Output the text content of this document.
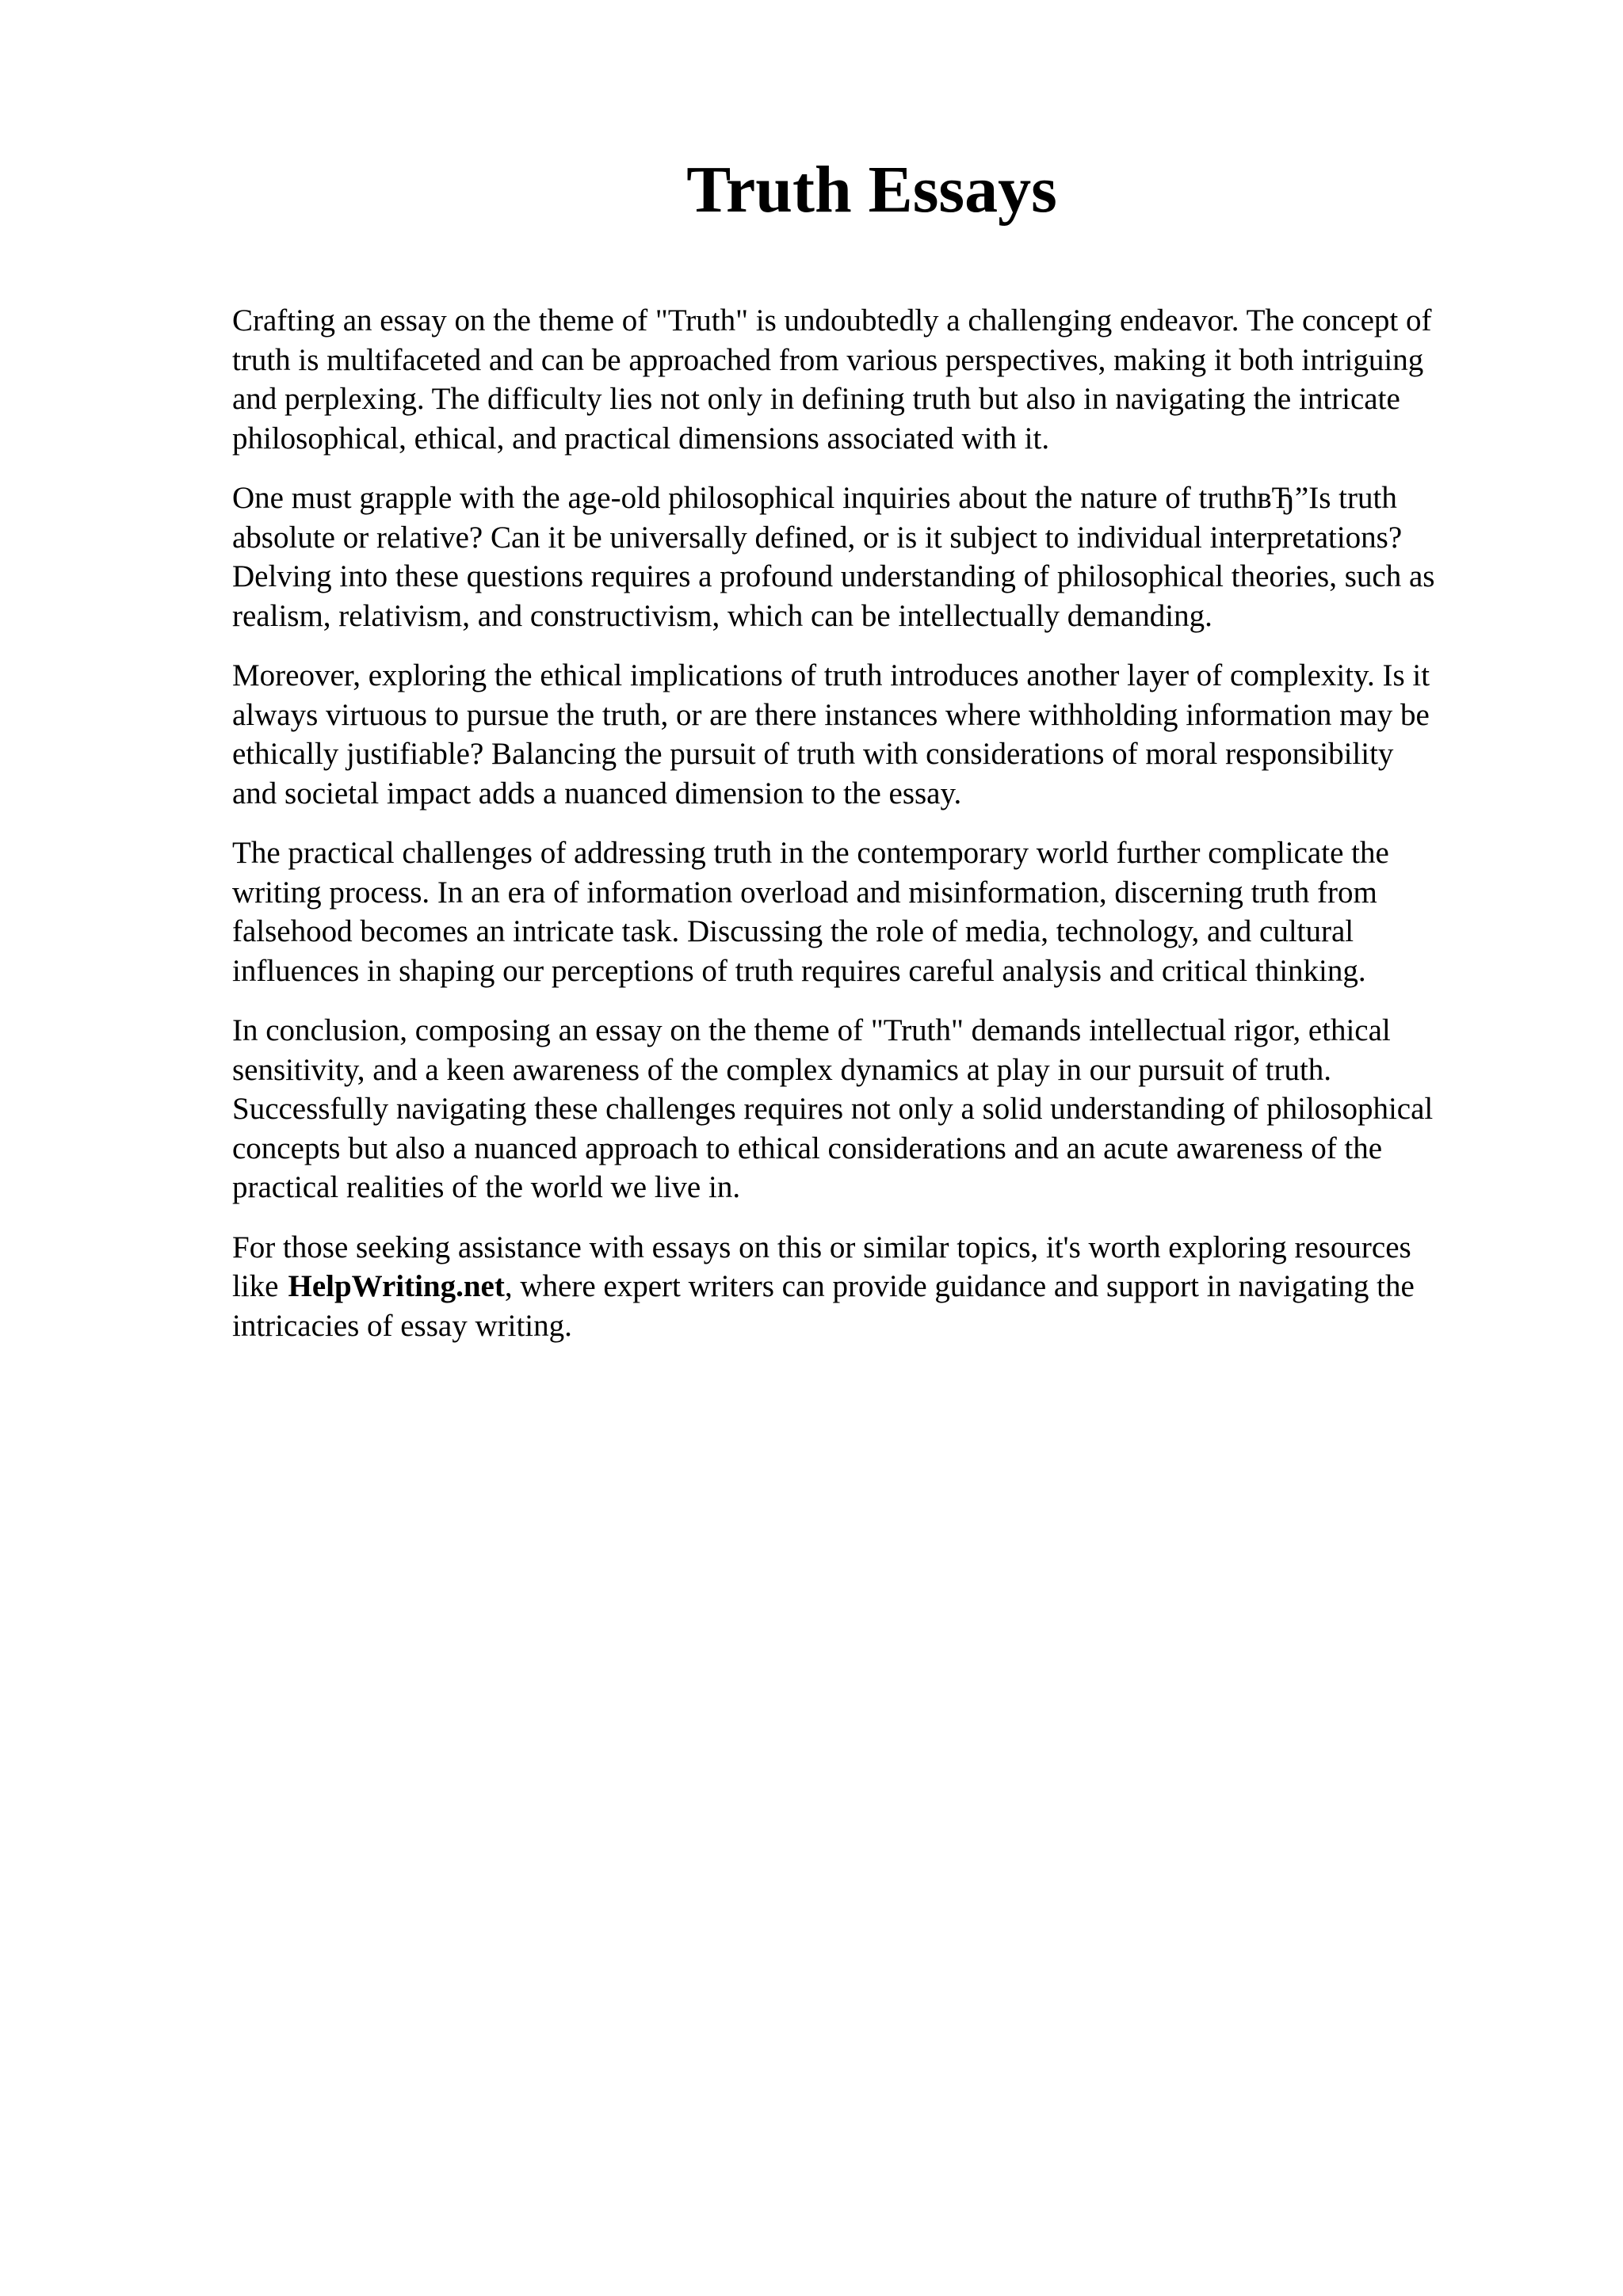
Truth Essays

Crafting an essay on the theme of "Truth" is undoubtedly a challenging endeavor. The concept of
truth is multifaceted and can be approached from various perspectives, making it both intriguing
and perplexing. The difficulty lies not only in defining truth but also in navigating the intricate
philosophical, ethical, and practical dimensions associated with it.

One must grapple with the age-old philosophical inquiries about the nature of truthвЂ”Is truth
absolute or relative? Can it be universally defined, or is it subject to individual interpretations?
Delving into these questions requires a profound understanding of philosophical theories, such as
realism, relativism, and constructivism, which can be intellectually demanding.

Moreover, exploring the ethical implications of truth introduces another layer of complexity. Is it
always virtuous to pursue the truth, or are there instances where withholding information may be
ethically justifiable? Balancing the pursuit of truth with considerations of moral responsibility
and societal impact adds a nuanced dimension to the essay.

The practical challenges of addressing truth in the contemporary world further complicate the
writing process. In an era of information overload and misinformation, discerning truth from
falsehood becomes an intricate task. Discussing the role of media, technology, and cultural
influences in shaping our perceptions of truth requires careful analysis and critical thinking.

In conclusion, composing an essay on the theme of "Truth" demands intellectual rigor, ethical
sensitivity, and a keen awareness of the complex dynamics at play in our pursuit of truth.
Successfully navigating these challenges requires not only a solid understanding of philosophical
concepts but also a nuanced approach to ethical considerations and an acute awareness of the
practical realities of the world we live in.

For those seeking assistance with essays on this or similar topics, it's worth exploring resources
like HelpWriting.net, where expert writers can provide guidance and support in navigating the
intricacies of essay writing.
